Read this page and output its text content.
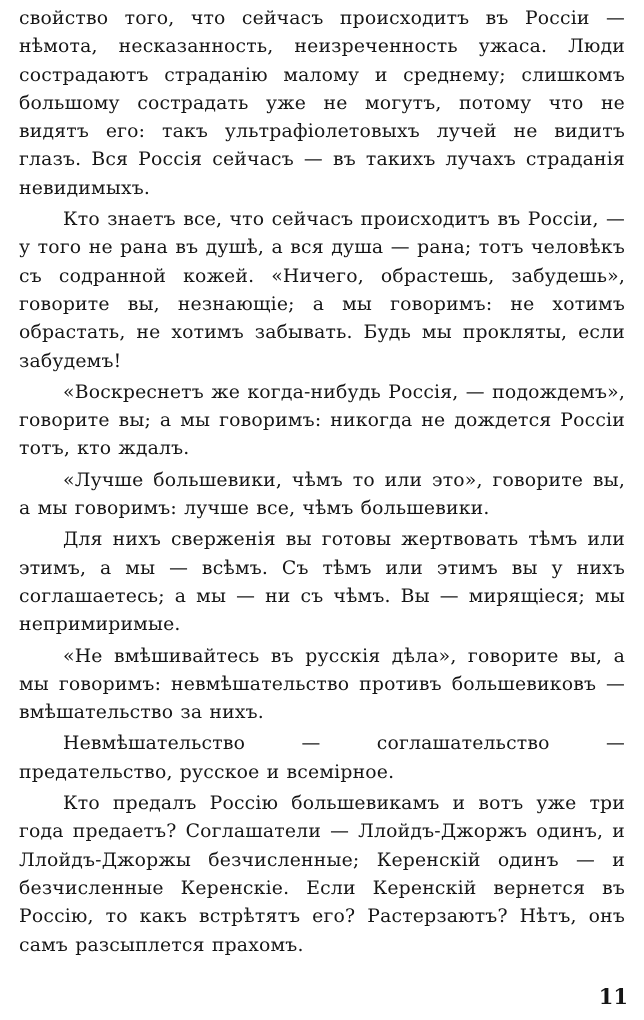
свойство того, что сейчасъ происходитъ въ Россіи — нѣмота, несказанность, неизреченность ужаса. Люди сострадаютъ страданію малому и среднему; слишкомъ большому сострадать уже не могутъ, потому что не видятъ его: такъ ультрафіолетовыхъ лучей не видитъ глазъ. Вся Россія сейчасъ — въ такихъ лучахъ страданія невидимыхъ.

Кто знаетъ все, что сейчасъ происходитъ въ Россіи, — у того не рана въ душѣ, а вся душа — рана; тотъ человѣкъ съ содранной кожей. «Ничего, обрастешь, забудешь», говорите вы, незнающіе; а мы говоримъ: не хотимъ обрастать, не хотимъ забывать. Будь мы прокляты, если забудемъ!

«Воскреснетъ же когда-нибудь Россія, — подождемъ», говорите вы; а мы говоримъ: никогда не дождется Россіи тотъ, кто ждалъ.

«Лучше большевики, чѣмъ то или это», говорите вы, а мы говоримъ: лучше все, чѣмъ большевики.

Для нихъ сверженія вы готовы жертвовать тѣмъ или этимъ, а мы — всѣмъ. Съ тѣмъ или этимъ вы у нихъ соглашаетесь; а мы — ни съ чѣмъ. Вы — мирящіеся; мы непримиримые.

«Не вмѣшивайтесь въ русскія дѣла», говорите вы, а мы говоримъ: невмѣшательство противъ большевиковъ — вмѣшательство за нихъ.

Невмѣшательство — соглашательство — предательство, русское и всемірное.

Кто предалъ Россію большевикамъ и вотъ уже три года предаетъ? Соглашатели — Ллойдъ-Джоржъ одинъ, и Ллойдъ-Джоржы безчисленные; Керенскій одинъ — и безчисленные Керенскіе. Если Керенскій вернется въ Россію, то какъ встрѣтятъ его? Растерзаютъ? Нѣтъ, онъ самъ разсыплется прахомъ.

11
